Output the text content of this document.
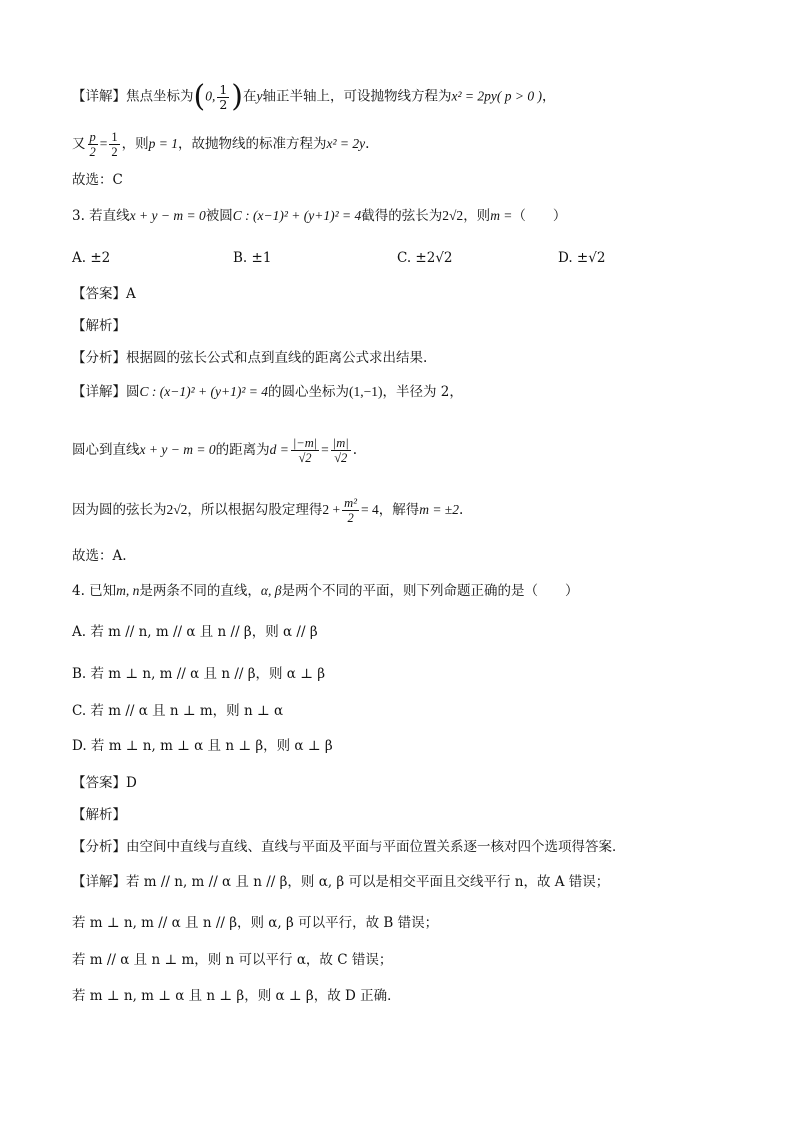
【详解】焦点坐标为(0, $\frac{1}{2}$ )在y轴正半轴上，可设抛物线方程为x² = 2py( p > 0 )，
又 $\frac{p}{2} = \frac{1}{2}$ ，则p = 1，故抛物线的标准方程为x² = 2y.
故选：C
3. 若直线x + y − m = 0被圆C : (x−1)² + (y+1)² = 4截得的弦长为2√2，则m =（　　）
A. ±2	B. ±1	C. ±2√2	D. ±√2
【答案】A
【解析】
【分析】根据圆的弦长公式和点到直线的距离公式求出结果.
【详解】圆C : (x−1)² + (y+1)² = 4的圆心坐标为(1,−1)，半径为 2，
圆心到直线x + y − m = 0的距离为$d = \frac{|-m|}{√2} = \frac{|m|}{√2}$ .
因为圆的弦长为2√2，所以根据勾股定理得$2 + \frac{\text{m²}}{2} = 4$，解得m = ±2.
故选：A.
4. 已知m, n是两条不同的直线，α, β是两个不同的平面，则下列命题正确的是（　　）
A. 若 m // n, m // α 且 n // β，则 α // β
B. 若 m ⊥ n, m // α 且 n // β，则 α ⊥ β
C. 若 m // α 且 n ⊥ m，则 n ⊥ α
D. 若 m ⊥ n, m ⊥ α 且 n ⊥ β，则 α ⊥ β
【答案】D
【解析】
【分析】由空间中直线与直线、直线与平面及平面与平面位置关系逐一核对四个选项得答案．
【详解】若 m // n, m // α 且 n // β，则 α, β 可以是相交平面且交线平行 n，故 A 错误；
若 m ⊥ n, m // α 且 n // β，则 α, β 可以平行，故 B 错误；
若 m // α 且 n ⊥ m，则 n 可以平行 α，故 C 错误；
若 m ⊥ n, m ⊥ α 且 n ⊥ β，则 α ⊥ β，故 D 正确．
